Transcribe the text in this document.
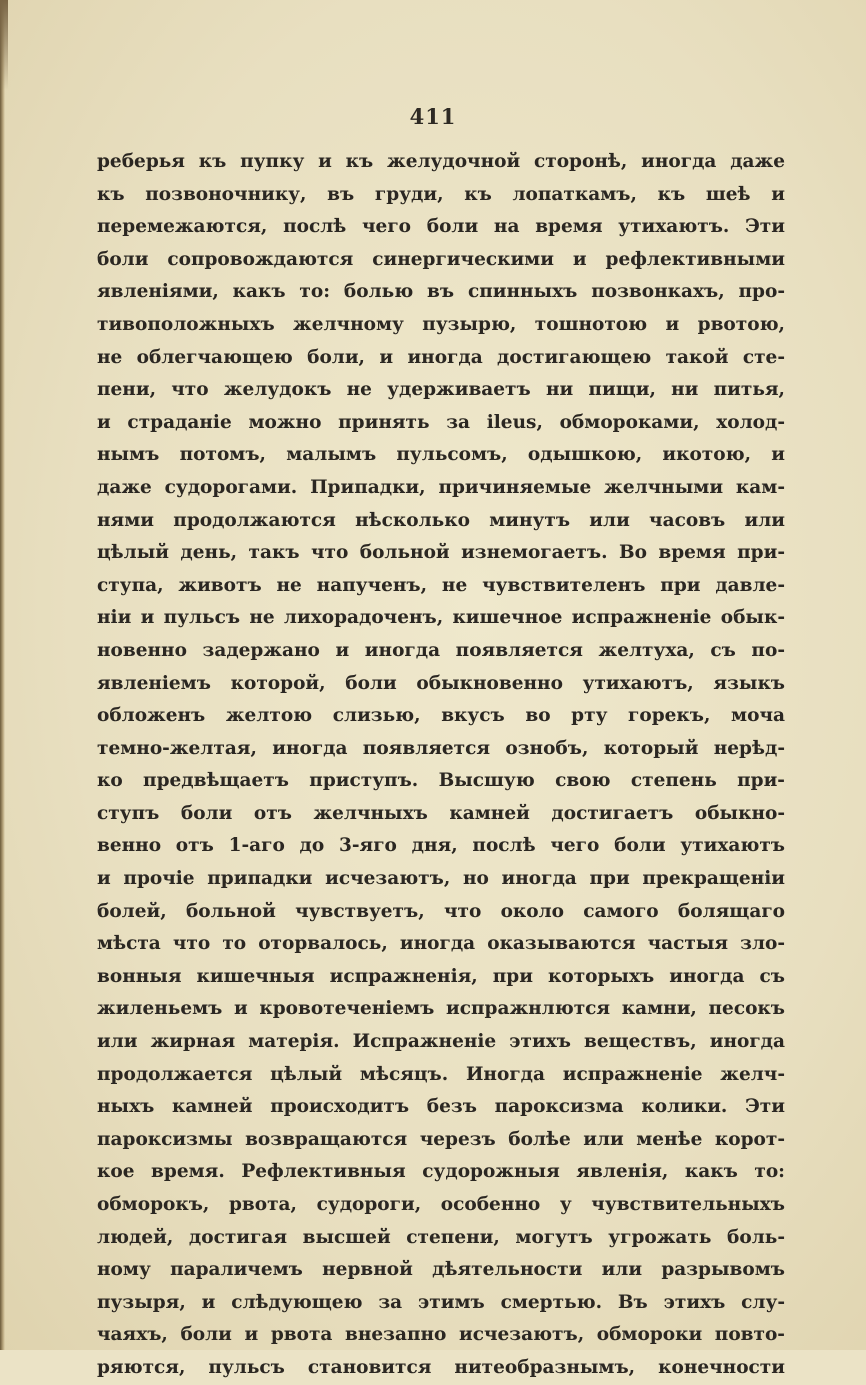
411
реберья къ пупку и къ желудочной сторонѣ, иногда даже
къ позвоночнику, въ груди, къ лопаткамъ, къ шеѣ и
перемежаются, послѣ чего боли на время утихаютъ. Эти
боли сопровождаются синергическими и рефлективными
явленіями, какъ то: болью въ спинныхъ позвонкахъ, про-
тивоположныхъ желчному пузырю, тошнотою и рвотою,
не облегчающею боли, и иногда достигающею такой сте-
пени, что желудокъ не удерживаетъ ни пищи, ни питья,
и страданіе можно принять за ileus, обмороками, холод-
нымъ потомъ, малымъ пульсомъ, одышкою, икотою, и
даже судорогами. Припадки, причиняемые желчными кам-
нями продолжаются нѣсколько минутъ или часовъ или
цѣлый день, такъ что больной изнемогаетъ. Во время при-
ступа, животъ не напученъ, не чувствителенъ при давле-
ніи и пульсъ не лихорадоченъ, кишечное испражненіе обык-
новенно задержано и иногда появляется желтуха, съ по-
явленіемъ которой, боли обыкновенно утихаютъ, языкъ
обложенъ желтою слизью, вкусъ во рту горекъ, моча
темно-желтая, иногда появляется ознобъ, который нерѣд-
ко предвѣщаетъ приступъ. Высшую свою степень при-
ступъ боли отъ желчныхъ камней достигаетъ обыкно-
венно отъ 1-аго до 3-яго дня, послѣ чего боли утихаютъ
и прочіе припадки исчезаютъ, но иногда при прекращеніи
болей, больной чувствуетъ, что около самого болящаго
мѣста что то оторвалось, иногда оказываются частыя зло-
вонныя кишечныя испражненія, при которыхъ иногда съ
жиленьемъ и кровотеченіемъ испражнлются камни, песокъ
или жирная матерія. Испражненіе этихъ веществъ, иногда
продолжается цѣлый мѣсяцъ. Иногда испражненіе желч-
ныхъ камней происходитъ безъ пароксизма колики. Эти
пароксизмы возвращаются черезъ болѣе или менѣе корот-
кое время. Рефлективныя судорожныя явленія, какъ то:
обморокъ, рвота, судороги, особенно у чувствительныхъ
людей, достигая высшей степени, могутъ угрожать боль-
ному параличемъ нервной дѣятельности или разрывомъ
пузыря, и слѣдующею за этимъ смертью. Въ этихъ слу-
чаяхъ, боли и рвота внезапно исчезаютъ, обмороки повто-
ряются, пульсъ становится нитеобразнымъ, конечности
